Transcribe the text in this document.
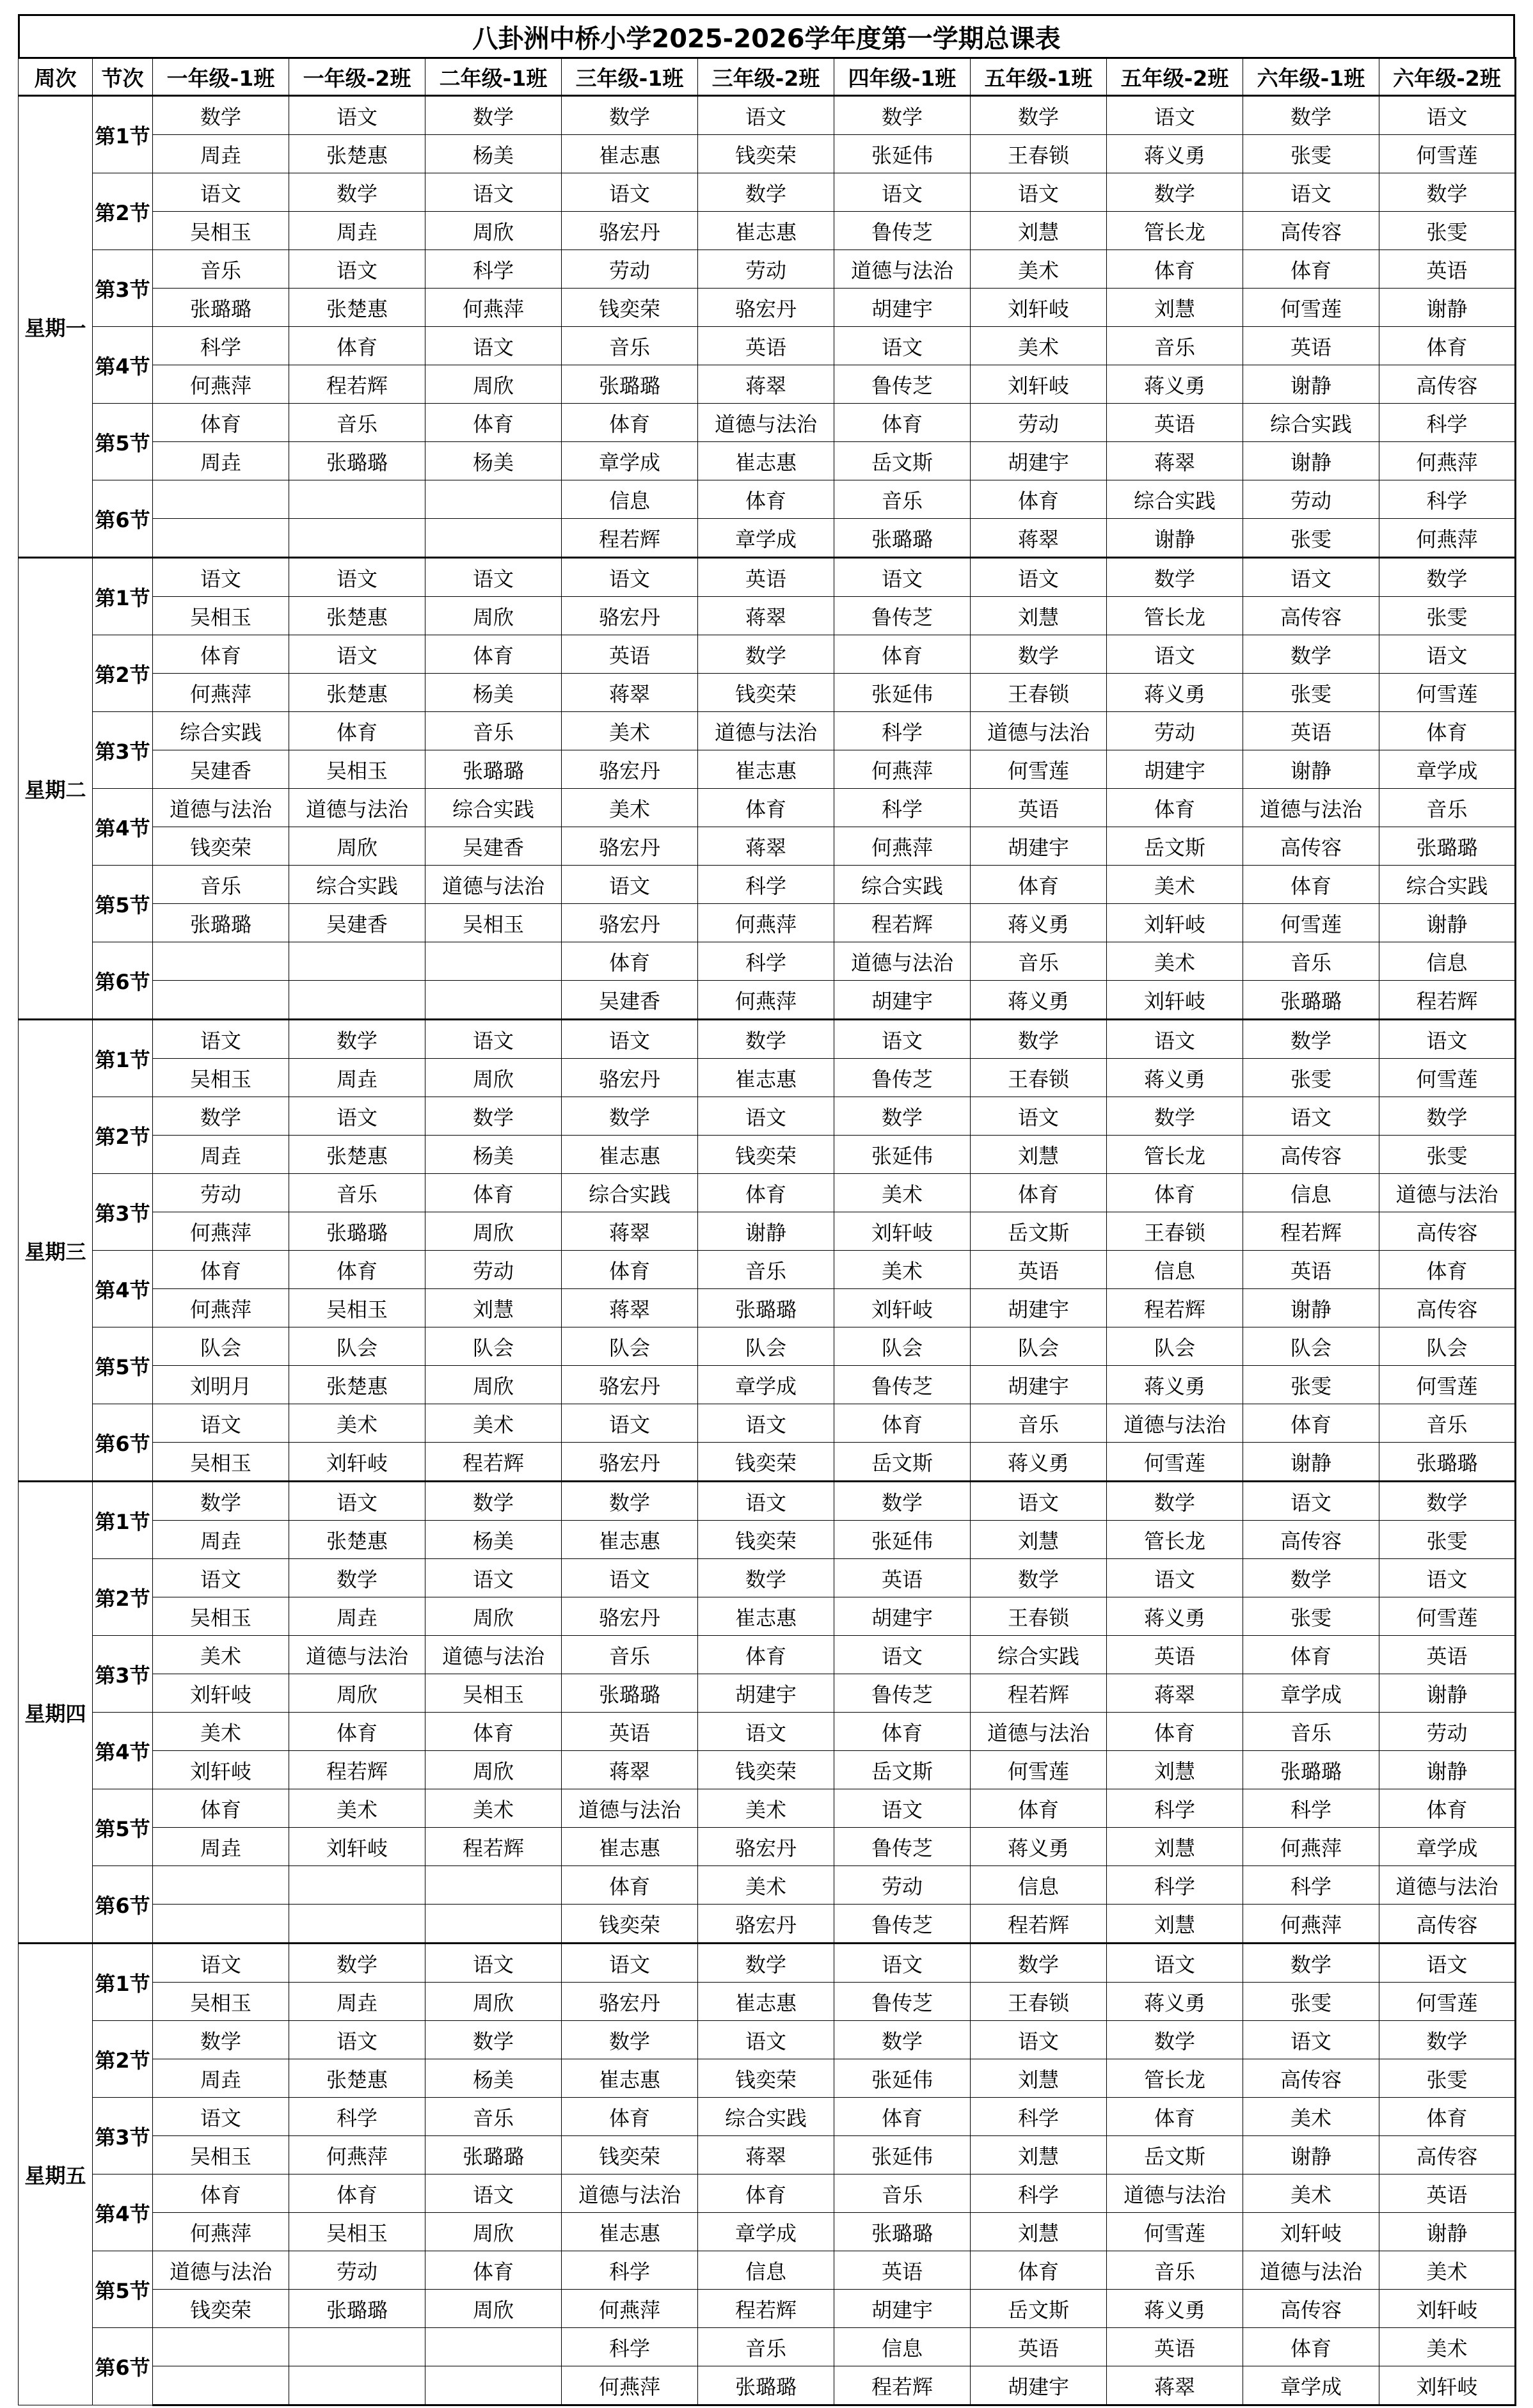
八卦洲中桥小学2025-2026学年度第一学期总课表
周次	节次	一年级-1班	一年级-2班	二年级-1班	三年级-1班	三年级-2班	四年级-1班	五年级-1班	五年级-2班	六年级-1班	六年级-2班
星期一	第1节	数学	语文	数学	数学	语文	数学	数学	语文	数学	语文
		周垚	张楚惠	杨美	崔志惠	钱奕荣	张延伟	王春锁	蒋义勇	张雯	何雪莲
	第2节	语文	数学	语文	语文	数学	语文	语文	数学	语文	数学
		吴相玉	周垚	周欣	骆宏丹	崔志惠	鲁传芝	刘慧	管长龙	高传容	张雯
	第3节	音乐	语文	科学	劳动	劳动	道德与法治	美术	体育	体育	英语
		张璐璐	张楚惠	何燕萍	钱奕荣	骆宏丹	胡建宇	刘轩岐	刘慧	何雪莲	谢静
	第4节	科学	体育	语文	音乐	英语	语文	美术	音乐	英语	体育
		何燕萍	程若辉	周欣	张璐璐	蒋翠	鲁传芝	刘轩岐	蒋义勇	谢静	高传容
	第5节	体育	音乐	体育	体育	道德与法治	体育	劳动	英语	综合实践	科学
		周垚	张璐璐	杨美	章学成	崔志惠	岳文斯	胡建宇	蒋翠	谢静	何燕萍
	第6节				信息	体育	音乐	体育	综合实践	劳动	科学
					程若辉	章学成	张璐璐	蒋翠	谢静	张雯	何燕萍
星期二	第1节	语文	语文	语文	语文	英语	语文	语文	数学	语文	数学
		吴相玉	张楚惠	周欣	骆宏丹	蒋翠	鲁传芝	刘慧	管长龙	高传容	张雯
	第2节	体育	语文	体育	英语	数学	体育	数学	语文	数学	语文
		何燕萍	张楚惠	杨美	蒋翠	钱奕荣	张延伟	王春锁	蒋义勇	张雯	何雪莲
	第3节	综合实践	体育	音乐	美术	道德与法治	科学	道德与法治	劳动	英语	体育
		吴建香	吴相玉	张璐璐	骆宏丹	崔志惠	何燕萍	何雪莲	胡建宇	谢静	章学成
	第4节	道德与法治	道德与法治	综合实践	美术	体育	科学	英语	体育	道德与法治	音乐
		钱奕荣	周欣	吴建香	骆宏丹	蒋翠	何燕萍	胡建宇	岳文斯	高传容	张璐璐
	第5节	音乐	综合实践	道德与法治	语文	科学	综合实践	体育	美术	体育	综合实践
		张璐璐	吴建香	吴相玉	骆宏丹	何燕萍	程若辉	蒋义勇	刘轩岐	何雪莲	谢静
	第6节				体育	科学	道德与法治	音乐	美术	音乐	信息
					吴建香	何燕萍	胡建宇	蒋义勇	刘轩岐	张璐璐	程若辉
星期三	第1节	语文	数学	语文	语文	数学	语文	数学	语文	数学	语文
		吴相玉	周垚	周欣	骆宏丹	崔志惠	鲁传芝	王春锁	蒋义勇	张雯	何雪莲
	第2节	数学	语文	数学	数学	语文	数学	语文	数学	语文	数学
		周垚	张楚惠	杨美	崔志惠	钱奕荣	张延伟	刘慧	管长龙	高传容	张雯
	第3节	劳动	音乐	体育	综合实践	体育	美术	体育	体育	信息	道德与法治
		何燕萍	张璐璐	周欣	蒋翠	谢静	刘轩岐	岳文斯	王春锁	程若辉	高传容
	第4节	体育	体育	劳动	体育	音乐	美术	英语	信息	英语	体育
		何燕萍	吴相玉	刘慧	蒋翠	张璐璐	刘轩岐	胡建宇	程若辉	谢静	高传容
	第5节	队会	队会	队会	队会	队会	队会	队会	队会	队会	队会
		刘明月	张楚惠	周欣	骆宏丹	章学成	鲁传芝	胡建宇	蒋义勇	张雯	何雪莲
	第6节	语文	美术	美术	语文	语文	体育	音乐	道德与法治	体育	音乐
		吴相玉	刘轩岐	程若辉	骆宏丹	钱奕荣	岳文斯	蒋义勇	何雪莲	谢静	张璐璐
星期四	第1节	数学	语文	数学	数学	语文	数学	语文	数学	语文	数学
		周垚	张楚惠	杨美	崔志惠	钱奕荣	张延伟	刘慧	管长龙	高传容	张雯
	第2节	语文	数学	语文	语文	数学	英语	数学	语文	数学	语文
		吴相玉	周垚	周欣	骆宏丹	崔志惠	胡建宇	王春锁	蒋义勇	张雯	何雪莲
	第3节	美术	道德与法治	道德与法治	音乐	体育	语文	综合实践	英语	体育	英语
		刘轩岐	周欣	吴相玉	张璐璐	胡建宇	鲁传芝	程若辉	蒋翠	章学成	谢静
	第4节	美术	体育	体育	英语	语文	体育	道德与法治	体育	音乐	劳动
		刘轩岐	程若辉	周欣	蒋翠	钱奕荣	岳文斯	何雪莲	刘慧	张璐璐	谢静
	第5节	体育	美术	美术	道德与法治	美术	语文	体育	科学	科学	体育
		周垚	刘轩岐	程若辉	崔志惠	骆宏丹	鲁传芝	蒋义勇	刘慧	何燕萍	章学成
	第6节				体育	美术	劳动	信息	科学	科学	道德与法治
					钱奕荣	骆宏丹	鲁传芝	程若辉	刘慧	何燕萍	高传容
星期五	第1节	语文	数学	语文	语文	数学	语文	数学	语文	数学	语文
		吴相玉	周垚	周欣	骆宏丹	崔志惠	鲁传芝	王春锁	蒋义勇	张雯	何雪莲
	第2节	数学	语文	数学	数学	语文	数学	语文	数学	语文	数学
		周垚	张楚惠	杨美	崔志惠	钱奕荣	张延伟	刘慧	管长龙	高传容	张雯
	第3节	语文	科学	音乐	体育	综合实践	体育	科学	体育	美术	体育
		吴相玉	何燕萍	张璐璐	钱奕荣	蒋翠	张延伟	刘慧	岳文斯	谢静	高传容
	第4节	体育	体育	语文	道德与法治	体育	音乐	科学	道德与法治	美术	英语
		何燕萍	吴相玉	周欣	崔志惠	章学成	张璐璐	刘慧	何雪莲	刘轩岐	谢静
	第5节	道德与法治	劳动	体育	科学	信息	英语	体育	音乐	道德与法治	美术
		钱奕荣	张璐璐	周欣	何燕萍	程若辉	胡建宇	岳文斯	蒋义勇	高传容	刘轩岐
	第6节				科学	音乐	信息	英语	英语	体育	美术
					何燕萍	张璐璐	程若辉	胡建宇	蒋翠	章学成	刘轩岐
